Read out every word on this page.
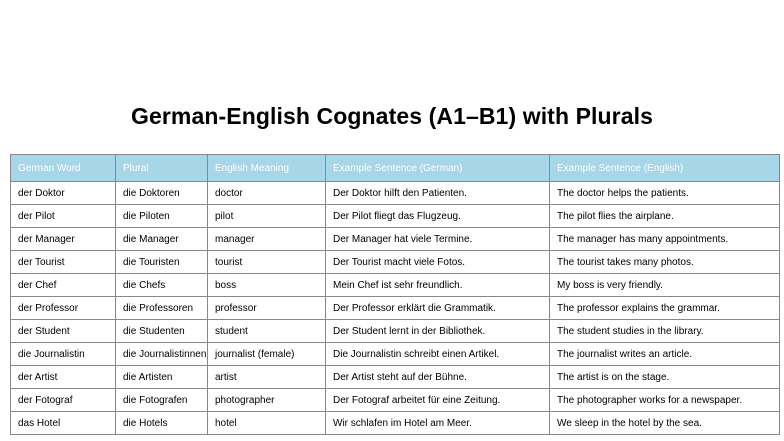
German-English Cognates (A1–B1) with Plurals
German Word	Plural	English Meaning	Example Sentence (German)	Example Sentence (English)
der Doktor	die Doktoren	doctor	Der Doktor hilft den Patienten.	The doctor helps the patients.
der Pilot	die Piloten	pilot	Der Pilot fliegt das Flugzeug.	The pilot flies the airplane.
der Manager	die Manager	manager	Der Manager hat viele Termine.	The manager has many appointments.
der Tourist	die Touristen	tourist	Der Tourist macht viele Fotos.	The tourist takes many photos.
der Chef	die Chefs	boss	Mein Chef ist sehr freundlich.	My boss is very friendly.
der Professor	die Professoren	professor	Der Professor erklärt die Grammatik.	The professor explains the grammar.
der Student	die Studenten	student	Der Student lernt in der Bibliothek.	The student studies in the library.
die Journalistin	die Journalistinnen	journalist (female)	Die Journalistin schreibt einen Artikel.	The journalist writes an article.
der Artist	die Artisten	artist	Der Artist steht auf der Bühne.	The artist is on the stage.
der Fotograf	die Fotografen	photographer	Der Fotograf arbeitet für eine Zeitung.	The photographer works for a newspaper.
das Hotel	die Hotels	hotel	Wir schlafen im Hotel am Meer.	We sleep in the hotel by the sea.
